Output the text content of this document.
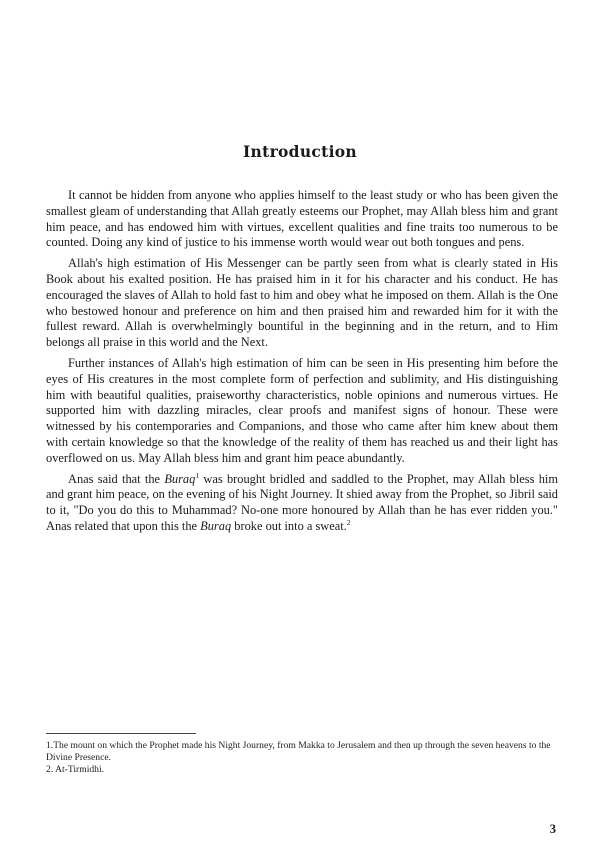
Introduction

It cannot be hidden from anyone who applies himself to the least study or who has been given the smallest gleam of understanding that Allah greatly esteems our Prophet, may Allah bless him and grant him peace, and has endowed him with virtues, excellent qualities and fine traits too numerous to be counted. Doing any kind of justice to his immense worth would wear out both tongues and pens.

Allah's high estimation of His Messenger can be partly seen from what is clearly stated in His Book about his exalted position. He has praised him in it for his character and his conduct. He has encouraged the slaves of Allah to hold fast to him and obey what he imposed on them. Allah is the One who bestowed honour and preference on him and then praised him and rewarded him for it with the fullest reward. Allah is overwhelmingly bountiful in the beginning and in the return, and to Him belongs all praise in this world and the Next.

Further instances of Allah's high estimation of him can be seen in His presenting him before the eyes of His creatures in the most complete form of perfection and sublimity, and His distinguishing him with beautiful qualities, praiseworthy characteristics, noble opinions and numerous virtues. He supported him with dazzling miracles, clear proofs and manifest signs of honour. These were witnessed by his contemporaries and Companions, and those who came after him knew about them with certain knowledge so that the knowledge of the reality of them has reached us and their light has overflowed on us. May Allah bless him and grant him peace abundantly.

Anas said that the Buraq$^1$ was brought bridled and saddled to the Prophet, may Allah bless him and grant him peace, on the evening of his Night Journey. It shied away from the Prophet, so Jibril said to it, "Do you do this to Muhammad? No-one more honoured by Allah than he has ever ridden you." Anas related that upon this the Buraq broke out into a sweat.$^2$

1.The mount on which the Prophet made his Night Journey, from Makka to Jerusalem and then up through the seven heavens to the Divine Presence.
2. At-Tirmidhi.
3
